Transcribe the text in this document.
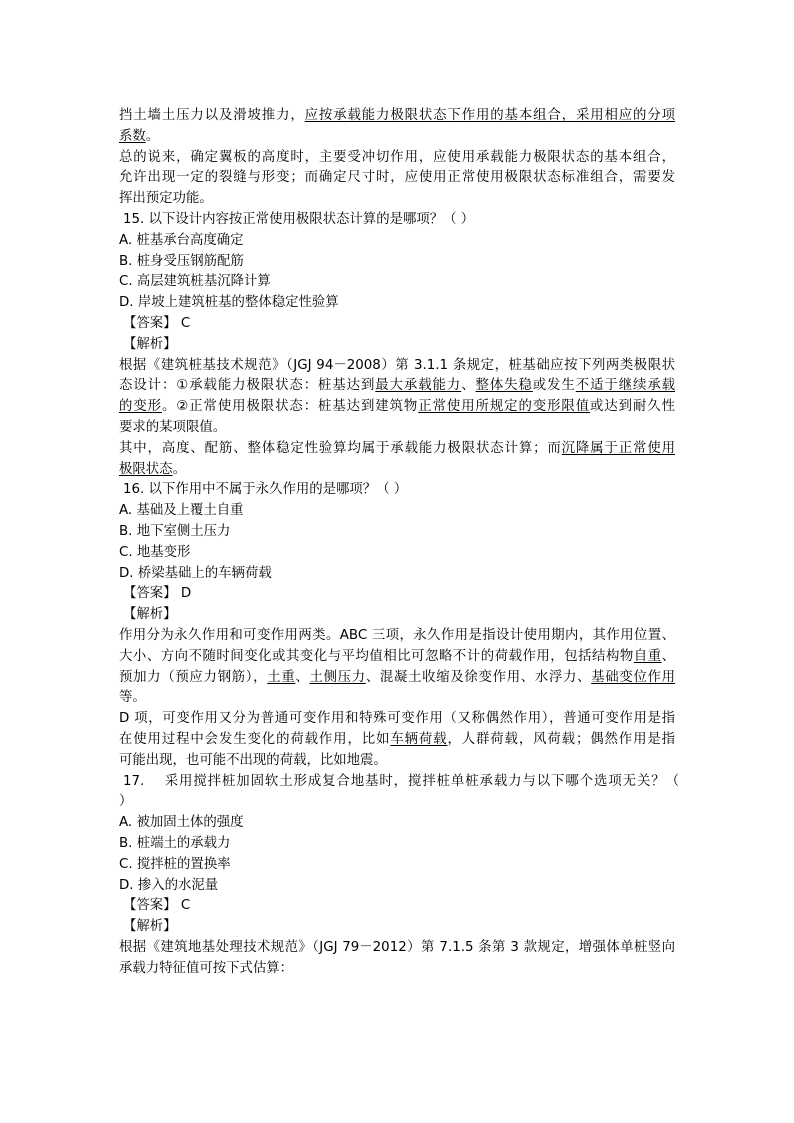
挡土墙土压力以及滑坡推力，应按承载能力极限状态下作用的基本组合，采用相应的分项
系数。
总的说来，确定翼板的高度时，主要受冲切作用，应使用承载能力极限状态的基本组合，
允许出现一定的裂缝与形变；而确定尺寸时，应使用正常使用极限状态标准组合，需要发
挥出预定功能。
15. 以下设计内容按正常使用极限状态计算的是哪项？（ ）
A. 桩基承台高度确定
B. 桩身受压钢筋配筋
C. 高层建筑桩基沉降计算
D. 岸坡上建筑桩基的整体稳定性验算
【答案】 C
【解析】
根据《建筑桩基技术规范》（JGJ 94－2008）第 3.1.1 条规定，桩基础应按下列两类极限状
态设计：①承载能力极限状态：桩基达到最大承载能力、整体失稳或发生不适于继续承载
的变形。②正常使用极限状态：桩基达到建筑物正常使用所规定的变形限值或达到耐久性
要求的某项限值。
其中，高度、配筋、整体稳定性验算均属于承载能力极限状态计算；而沉降属于正常使用
极限状态。
16. 以下作用中不属于永久作用的是哪项？（ ）
A. 基础及上覆土自重
B. 地下室侧土压力
C. 地基变形
D. 桥梁基础上的车辆荷载
【答案】 D
【解析】
作用分为永久作用和可变作用两类。ABC 三项，永久作用是指设计使用期内，其作用位置、
大小、方向不随时间变化或其变化与平均值相比可忽略不计的荷载作用，包括结构物自重、
预加力（预应力钢筋），土重、土侧压力、混凝土收缩及徐变作用、水浮力、基础变位作用
等。
D 项，可变作用又分为普通可变作用和特殊可变作用（又称偶然作用），普通可变作用是指
在使用过程中会发生变化的荷载作用，比如车辆荷载，人群荷载，风荷载；偶然作用是指
可能出现，也可能不出现的荷载，比如地震。
17.　 采用搅拌桩加固软土形成复合地基时，搅拌桩单桩承载力与以下哪个选项无关？（
）
A. 被加固土体的强度
B. 桩端土的承载力
C. 搅拌桩的置换率
D. 掺入的水泥量
【答案】 C
【解析】
根据《建筑地基处理技术规范》（JGJ 79－2012）第 7.1.5 条第 3 款规定，增强体单桩竖向
承载力特征值可按下式估算：
